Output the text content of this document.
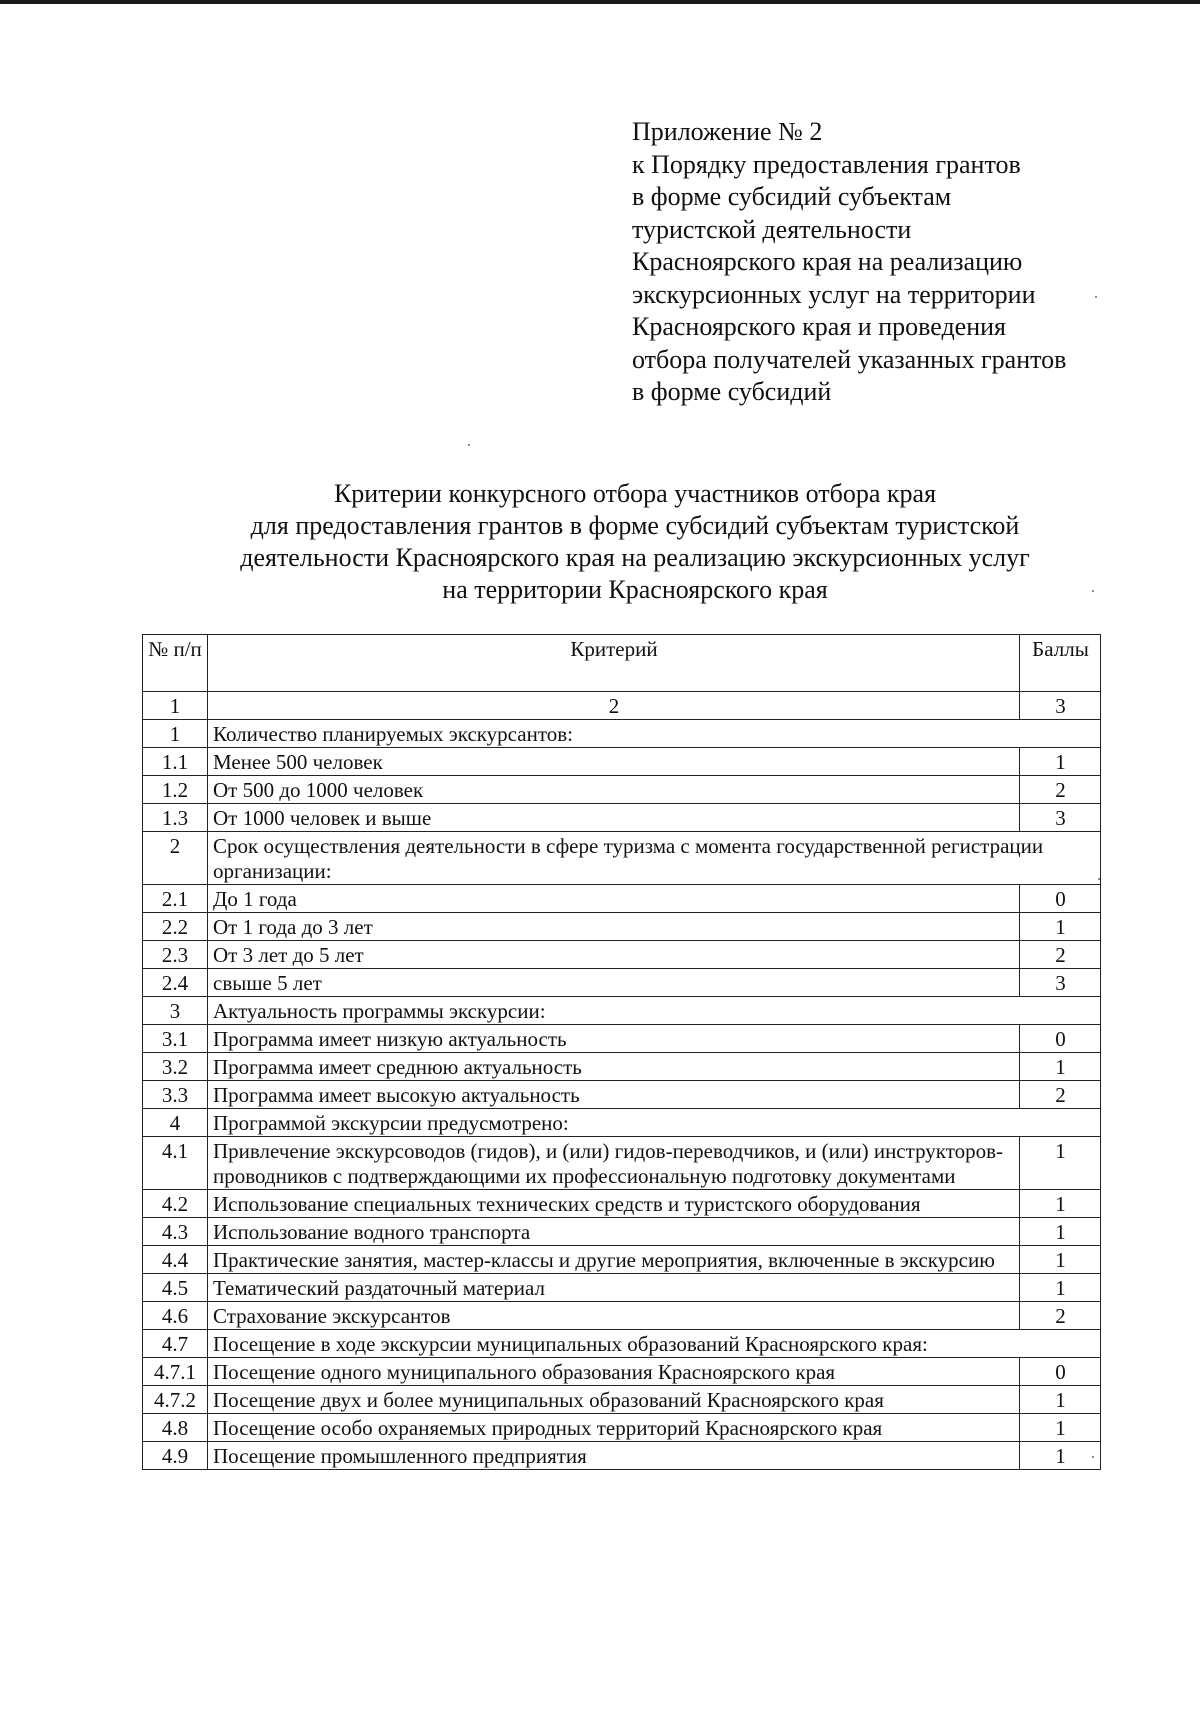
Приложение № 2
к Порядку предоставления грантов
в форме субсидий субъектам
туристской деятельности
Красноярского края на реализацию
экскурсионных услуг на территории
Красноярского края и проведения
отбора получателей указанных грантов
в форме субсидий
Критерии конкурсного отбора участников отбора края
для предоставления грантов в форме субсидий субъектам туристской
деятельности Красноярского края на реализацию экскурсионных услуг
на территории Красноярского края
№ п/п	Критерий	Баллы
1	2	3
1	Количество планируемых экскурсантов:	
1.1	Менее 500 человек	1
1.2	От 500 до 1000 человек	2
1.3	От 1000 человек и выше	3
2	Срок осуществления деятельности в сфере туризма с момента государственной регистрации организации:	
2.1	До 1 года	0
2.2	От 1 года до 3 лет	1
2.3	От 3 лет до 5 лет	2
2.4	свыше 5 лет	3
3	Актуальность программы экскурсии:	
3.1	Программа имеет низкую актуальность	0
3.2	Программа имеет среднюю актуальность	1
3.3	Программа имеет высокую актуальность	2
4	Программой экскурсии предусмотрено:	
4.1	Привлечение экскурсоводов (гидов), и (или) гидов-переводчиков, и (или) инструкторов-проводников с подтверждающими их профессиональную подготовку документами	1
4.2	Использование специальных технических средств и туристского оборудования	1
4.3	Использование водного транспорта	1
4.4	Практические занятия, мастер-классы и другие мероприятия, включенные в экскурсию	1
4.5	Тематический раздаточный материал	1
4.6	Страхование экскурсантов	2
4.7	Посещение в ходе экскурсии муниципальных образований Красноярского края:	
4.7.1	Посещение одного муниципального образования Красноярского края	0
4.7.2	Посещение двух и более муниципальных образований Красноярского края	1
4.8	Посещение особо охраняемых природных территорий Красноярского края	1
4.9	Посещение промышленного предприятия	1
